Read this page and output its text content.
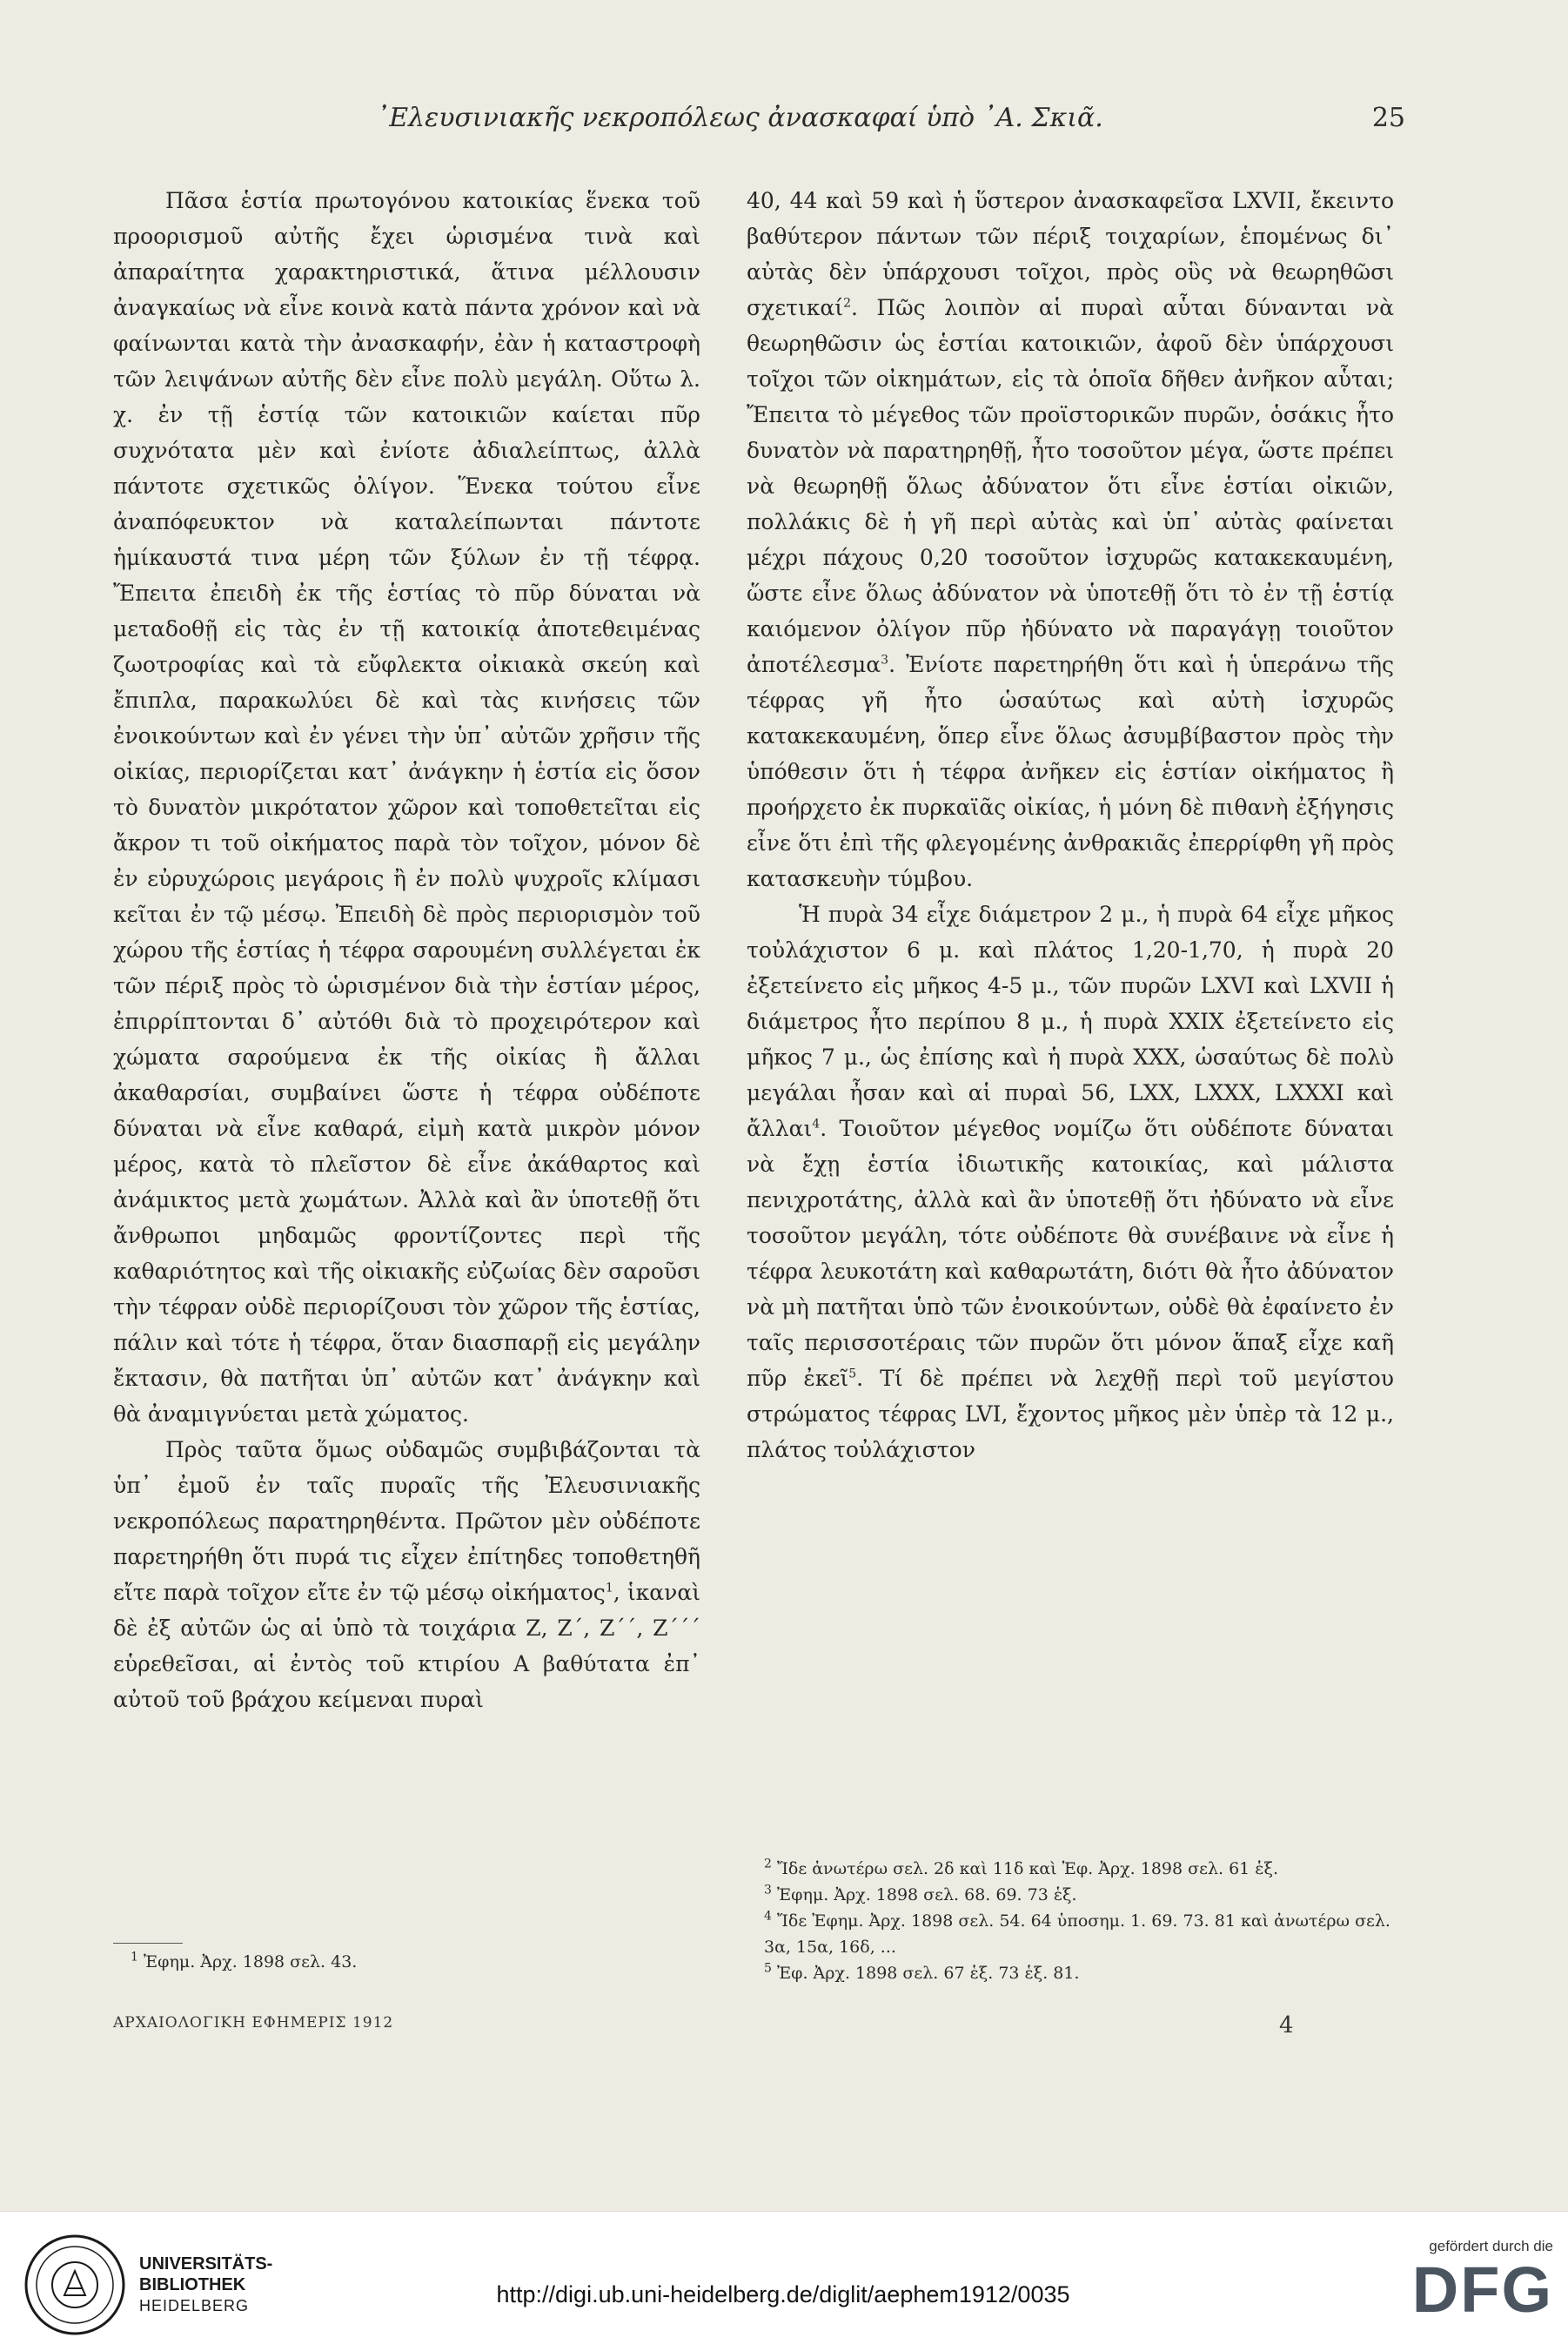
᾽Ελευσινιακῆς νεκροπόλεως ἀνασκαφαί ὑπὸ ᾽Α. Σκιᾶ.	25

Πᾶσα ἑστία πρωτογόνου κατοικίας ἕνεκα τοῦ προορισμοῦ αὐτῆς ἔχει ὡρισμένα τινὰ καὶ ἀπαραίτητα χαρακτηριστικά, ἅτινα μέλλουσιν ἀναγκαίως νὰ εἶνε κοινὰ κατὰ πάντα χρόνον καὶ νὰ φαίνωνται κατὰ τὴν ἀνασκαφήν, ἐὰν ἡ καταστροφὴ τῶν λειψάνων αὐτῆς δὲν εἶνε πολὺ μεγάλη. Οὕτω λ. χ. ἐν τῇ ἑστίᾳ τῶν κατοικιῶν καίεται πῦρ συχνότατα μὲν καὶ ἐνίοτε ἀδιαλείπτως, ἀλλὰ πάντοτε σχετικῶς ὀλίγον. Ἕνεκα τούτου εἶνε ἀναπόφευκτον νὰ καταλείπωνται πάντοτε ἡμίκαυστά τινα μέρη τῶν ξύλων ἐν τῇ τέφρᾳ. Ἔπειτα ἐπειδὴ ἐκ τῆς ἑστίας τὸ πῦρ δύναται νὰ μεταδοθῇ εἰς τὰς ἐν τῇ κατοικίᾳ ἀποτεθειμένας ζωοτροφίας καὶ τὰ εὔφλεκτα οἰκιακὰ σκεύη καὶ ἔπιπλα, παρακωλύει δὲ καὶ τὰς κινήσεις τῶν ἐνοικούντων καὶ ἐν γένει τὴν ὑπ᾽ αὐτῶν χρῆσιν τῆς οἰκίας, περιορίζεται κατ᾽ ἀνάγκην ἡ ἑστία εἰς ὅσον τὸ δυνατὸν μικρότατον χῶρον καὶ τοποθετεῖται εἰς ἄκρον τι τοῦ οἰκήματος παρὰ τὸν τοῖχον, μόνον δὲ ἐν εὐρυχώροις μεγάροις ἢ ἐν πολὺ ψυχροῖς κλίμασι κεῖται ἐν τῷ μέσῳ. Ἐπειδὴ δὲ πρὸς περιορισμὸν τοῦ χώρου τῆς ἑστίας ἡ τέφρα σαρουμένη συλλέγεται ἐκ τῶν πέριξ πρὸς τὸ ὡρισμένον διὰ τὴν ἑστίαν μέρος, ἐπιρρίπτονται δ᾽ αὐτόθι διὰ τὸ προχειρότερον καὶ χώματα σαρούμενα ἐκ τῆς οἰκίας ἢ ἄλλαι ἀκαθαρσίαι, συμβαίνει ὥστε ἡ τέφρα οὐδέποτε δύναται νὰ εἶνε καθαρά, εἰμὴ κατὰ μικρὸν μόνον μέρος, κατὰ τὸ πλεῖστον δὲ εἶνε ἀκάθαρτος καὶ ἀνάμικτος μετὰ χωμάτων. Ἀλλὰ καὶ ἂν ὑποτεθῇ ὅτι ἄνθρωποι μηδαμῶς φροντίζοντες περὶ τῆς καθαριότητος καὶ τῆς οἰκιακῆς εὐζωίας δὲν σαροῦσι τὴν τέφραν οὐδὲ περιορίζουσι τὸν χῶρον τῆς ἑστίας, πάλιν καὶ τότε ἡ τέφρα, ὅταν διασπαρῇ εἰς μεγάλην ἔκτασιν, θὰ πατῆται ὑπ᾽ αὐτῶν κατ᾽ ἀνάγκην καὶ θὰ ἀναμιγνύεται μετὰ χώματος.

Πρὸς ταῦτα ὅμως οὐδαμῶς συμβιβάζονται τὰ ὑπ᾽ ἐμοῦ ἐν ταῖς πυραῖς τῆς Ἐλευσινιακῆς νεκροπόλεως παρατηρηθέντα. Πρῶτον μὲν οὐδέποτε παρετηρήθη ὅτι πυρά τις εἶχεν ἐπίτηδες τοποθετηθῆ εἴτε παρὰ τοῖχον εἴτε ἐν τῷ μέσῳ οἰκήματος$^1$, ἱκαναὶ δὲ ἐξ αὐτῶν ὡς αἱ ὑπὸ τὰ τοιχάρια Ζ, Ζ΄, Ζ΄΄, Ζ΄΄΄ εὑρεθεῖσαι, αἱ ἐντὸς τοῦ κτιρίου Α βαθύτατα ἐπ᾽ αὐτοῦ τοῦ βράχου κείμεναι πυραὶ

40, 44 καὶ 59 καὶ ἡ ὕστερον ἀνασκαφεῖσα LXVII, ἔκειντο βαθύτερον πάντων τῶν πέριξ τοιχαρίων, ἑπομένως δι᾽ αὐτὰς δὲν ὑπάρχουσι τοῖχοι, πρὸς οὓς νὰ θεωρηθῶσι σχετικαί$^2$. Πῶς λοιπὸν αἱ πυραὶ αὗται δύνανται νὰ θεωρηθῶσιν ὡς ἑστίαι κατοικιῶν, ἀφοῦ δὲν ὑπάρχουσι τοῖχοι τῶν οἰκημάτων, εἰς τὰ ὁποῖα δῆθεν ἀνῆκον αὗται; Ἔπειτα τὸ μέγεθος τῶν προϊστορικῶν πυρῶν, ὁσάκις ἦτο δυνατὸν νὰ παρατηρηθῇ, ἦτο τοσοῦτον μέγα, ὥστε πρέπει νὰ θεωρηθῇ ὅλως ἀδύνατον ὅτι εἶνε ἑστίαι οἰκιῶν, πολλάκις δὲ ἡ γῆ περὶ αὐτὰς καὶ ὑπ᾽ αὐτὰς φαίνεται μέχρι πάχους 0,20 τοσοῦτον ἰσχυρῶς κατακεκαυμένη, ὥστε εἶνε ὅλως ἀδύνατον νὰ ὑποτεθῇ ὅτι τὸ ἐν τῇ ἑστίᾳ καιόμενον ὀλίγον πῦρ ἠδύνατο νὰ παραγάγῃ τοιοῦτον ἀποτέλεσμα$^3$. Ἐνίοτε παρετηρήθη ὅτι καὶ ἡ ὑπεράνω τῆς τέφρας γῆ ἦτο ὡσαύτως καὶ αὐτὴ ἰσχυρῶς κατακεκαυμένη, ὅπερ εἶνε ὅλως ἀσυμβίβαστον πρὸς τὴν ὑπόθεσιν ὅτι ἡ τέφρα ἀνῆκεν εἰς ἑστίαν οἰκήματος ἢ προήρχετο ἐκ πυρκαϊᾶς οἰκίας, ἡ μόνη δὲ πιθανὴ ἐξήγησις εἶνε ὅτι ἐπὶ τῆς φλεγομένης ἀνθρακιᾶς ἐπερρίφθη γῆ πρὸς κατασκευὴν τύμβου.

Ἡ πυρὰ 34 εἶχε διάμετρον 2 μ., ἡ πυρὰ 64 εἶχε μῆκος τοὐλάχιστον 6 μ. καὶ πλάτος 1,20-1,70, ἡ πυρὰ 20 ἐξετείνετο εἰς μῆκος 4-5 μ., τῶν πυρῶν LXVI καὶ LXVII ἡ διάμετρος ἦτο περίπου 8 μ., ἡ πυρὰ XXIX ἐξετείνετο εἰς μῆκος 7 μ., ὡς ἐπίσης καὶ ἡ πυρὰ XXX, ὡσαύτως δὲ πολὺ μεγάλαι ἦσαν καὶ αἱ πυραὶ 56, LXX, LXXX, LXXXI καὶ ἄλλαι$^4$. Τοιοῦτον μέγεθος νομίζω ὅτι οὐδέποτε δύναται νὰ ἔχῃ ἑστία ἰδιωτικῆς κατοικίας, καὶ μάλιστα πενιχροτάτης, ἀλλὰ καὶ ἂν ὑποτεθῇ ὅτι ἠδύνατο νὰ εἶνε τοσοῦτον μεγάλη, τότε οὐδέποτε θὰ συνέβαινε νὰ εἶνε ἡ τέφρα λευκοτάτη καὶ καθαρωτάτη, διότι θὰ ἦτο ἀδύνατον νὰ μὴ πατῆται ὑπὸ τῶν ἐνοικούντων, οὐδὲ θὰ ἐφαίνετο ἐν ταῖς περισσοτέραις τῶν πυρῶν ὅτι μόνον ἅπαξ εἶχε καῆ πῦρ ἐκεῖ$^5$. Τί δὲ πρέπει νὰ λεχθῇ περὶ τοῦ μεγίστου στρώματος τέφρας LVI, ἔχοντος μῆκος μὲν ὑπὲρ τὰ 12 μ., πλάτος τοὐλάχιστον

$^1$ Ἐφημ. Ἀρχ. 1898 σελ. 43.

$^2$ Ἴδε ἀνωτέρω σελ. 2δ καὶ 11δ καὶ Ἐφ. Ἀρχ. 1898 σελ. 61 ἑξ.

$^3$ Ἐφημ. Ἀρχ. 1898 σελ. 68. 69. 73 ἑξ.

$^4$ Ἴδε Ἐφημ. Ἀρχ. 1898 σελ. 54. 64 ὑποσημ. 1. 69. 73. 81 καὶ ἀνωτέρω σελ. 3α, 15α, 16δ, ...

$^5$ Ἐφ. Ἀρχ. 1898 σελ. 67 ἑξ. 73 ἑξ. 81.

ΑΡΧΑΙΟΛΟΓΙΚΗ ΕΦΗΜΕΡΙΣ 1912	4
UNIVERSITÄTS-
BIBLIOTHEK
HEIDELBERG	http://digi.ub.uni-heidelberg.de/diglit/aephem1912/0035
gefördert durch die
DFG
